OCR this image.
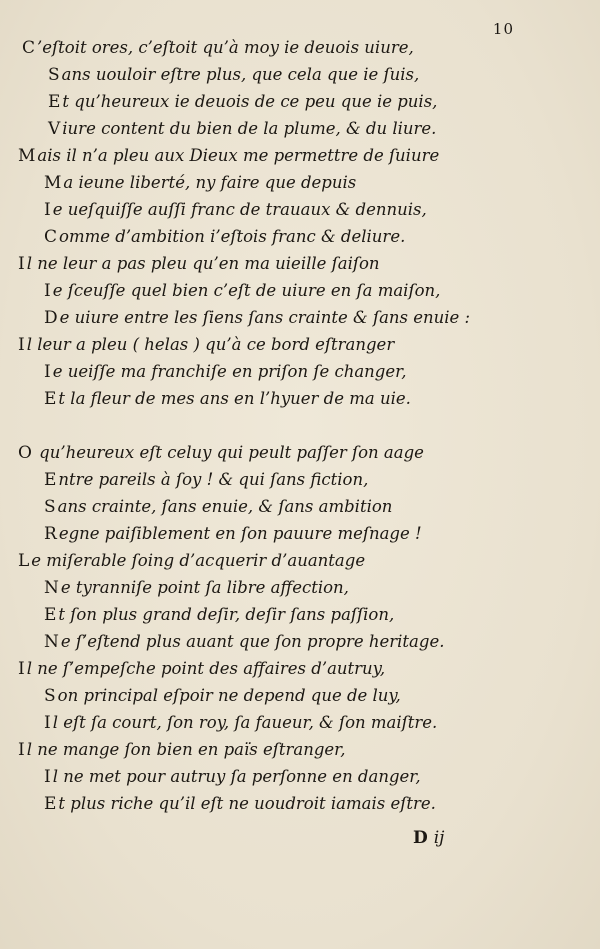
10
C ’eſtoit ores, c’eſtoit qu’à moy ie deuois uiure,
S ans uouloir eſtre plus, que cela que ie ſuis,
E t qu’heureux ie deuois de ce peu que ie puis,
V iure content du bien de la plume, & du liure.
M ais il n’a pleu aux Dieux me permettre de ſuiure
M a ieune liberté, ny faire que depuis
I e ueſquiſſe auſſi franc de trauaux & dennuis,
C omme d’ambition i’eſtois franc & deliure.
I l ne leur a pas pleu qu’en ma uieille ſaiſon
I e ſceuſſe quel bien c’eſt de uiure en ſa maiſon,
D e uiure entre les ſiens ſans crainte & ſans enuie :
I l leur a pleu ( helas ) qu’à ce bord eſtranger
I e ueiſſe ma franchiſe en priſon ſe changer,
E t la fleur de mes ans en l’hyuer de ma uie.
O qu’heureux eſt celuy qui peult paſſer ſon aage
E ntre pareils à ſoy ! & qui ſans fiction,
S ans crainte, ſans enuie, & ſans ambition
R egne paiſiblement en ſon pauure meſnage !
L e miſerable ſoing d’acquerir d’auantage
N e tyranniſe point ſa libre affection,
E t ſon plus grand deſir, deſir ſans paſſion,
N e ſ’eſtend plus auant que ſon propre heritage.
I l ne ſ’empeſche point des affaires d’autruy,
S on principal eſpoir ne depend que de luy,
I l eſt ſa court, ſon roy, ſa faueur, & ſon maiſtre.
I l ne mange ſon bien en païs eſtranger,
I l ne met pour autruy ſa perſonne en danger,
E t plus riche qu’il eſt ne uoudroit iamais eſtre.
D ij
